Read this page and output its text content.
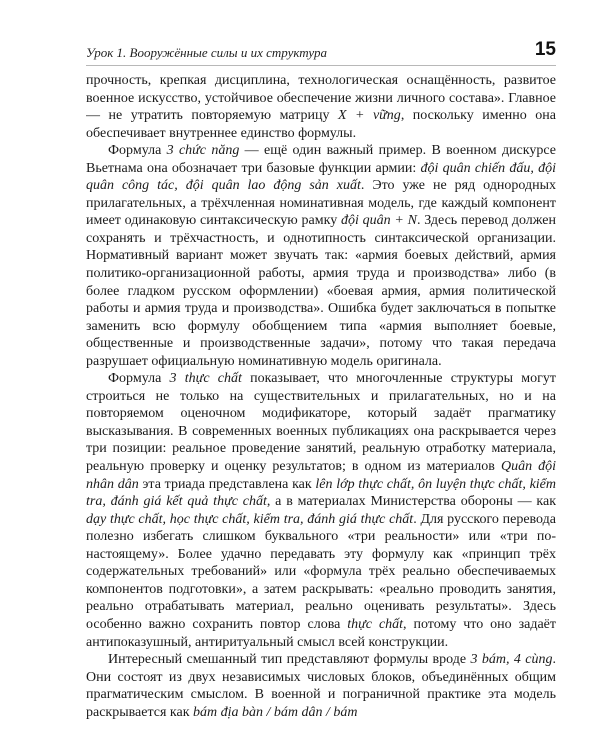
Урок 1. Вооружённые силы и их структура	15

прочность, крепкая дисциплина, технологическая оснащённость, развитое военное искусство, устойчивое обеспечение жизни личного состава». Главное — не утратить повторяемую матрицу X + vững, поскольку именно она обеспечивает внутреннее единство формулы.

Формула 3 chức năng — ещё один важный пример. В военном дискурсе Вьетнама она обозначает три базовые функции армии: đội quân chiến đấu, đội quân công tác, đội quân lao động sản xuất. Это уже не ряд однородных прилагательных, а трёхчленная номинативная модель, где каждый компонент имеет одинаковую синтаксическую рамку đội quân + N. Здесь перевод должен сохранять и трёхчастность, и однотипность синтаксической организации. Нормативный вариант может звучать так: «армия боевых действий, армия политико-организационной работы, армия труда и производства» либо (в более гладком русском оформлении) «боевая армия, армия политической работы и армия труда и производства». Ошибка будет заключаться в попытке заменить всю формулу обобщением типа «армия выполняет боевые, общественные и производственные задачи», потому что такая передача разрушает официальную номинативную модель оригинала.

Формула 3 thực chất показывает, что многочленные структуры могут строиться не только на существительных и прилагательных, но и на повторяемом оценочном модификаторе, который задаёт прагматику высказывания. В современных военных публикациях она раскрывается через три позиции: реальное проведение занятий, реальную отработку материала, реальную проверку и оценку результатов; в одном из материалов Quân đội nhân dân эта триада представлена как lên lớp thực chất, ôn luyện thực chất, kiểm tra, đánh giá kết quả thực chất, а в материалах Министерства обороны — как dạy thực chất, học thực chất, kiểm tra, đánh giá thực chất. Для русского перевода полезно избегать слишком буквального «три реальности» или «три по-настоящему». Более удачно передавать эту формулу как «принцип трёх содержательных требований» или «формула трёх реально обеспечиваемых компонентов подготовки», а затем раскрывать: «реально проводить занятия, реально отрабатывать материал, реально оценивать результаты». Здесь особенно важно сохранить повтор слова thực chất, потому что оно задаёт антипоказушный, антиритуальный смысл всей конструкции.

Интересный смешанный тип представляют формулы вроде 3 bám, 4 cùng. Они состоят из двух независимых числовых блоков, объединённых общим прагматическим смыслом. В военной и пограничной практике эта модель раскрывается как bám địa bàn / bám dân / bám
